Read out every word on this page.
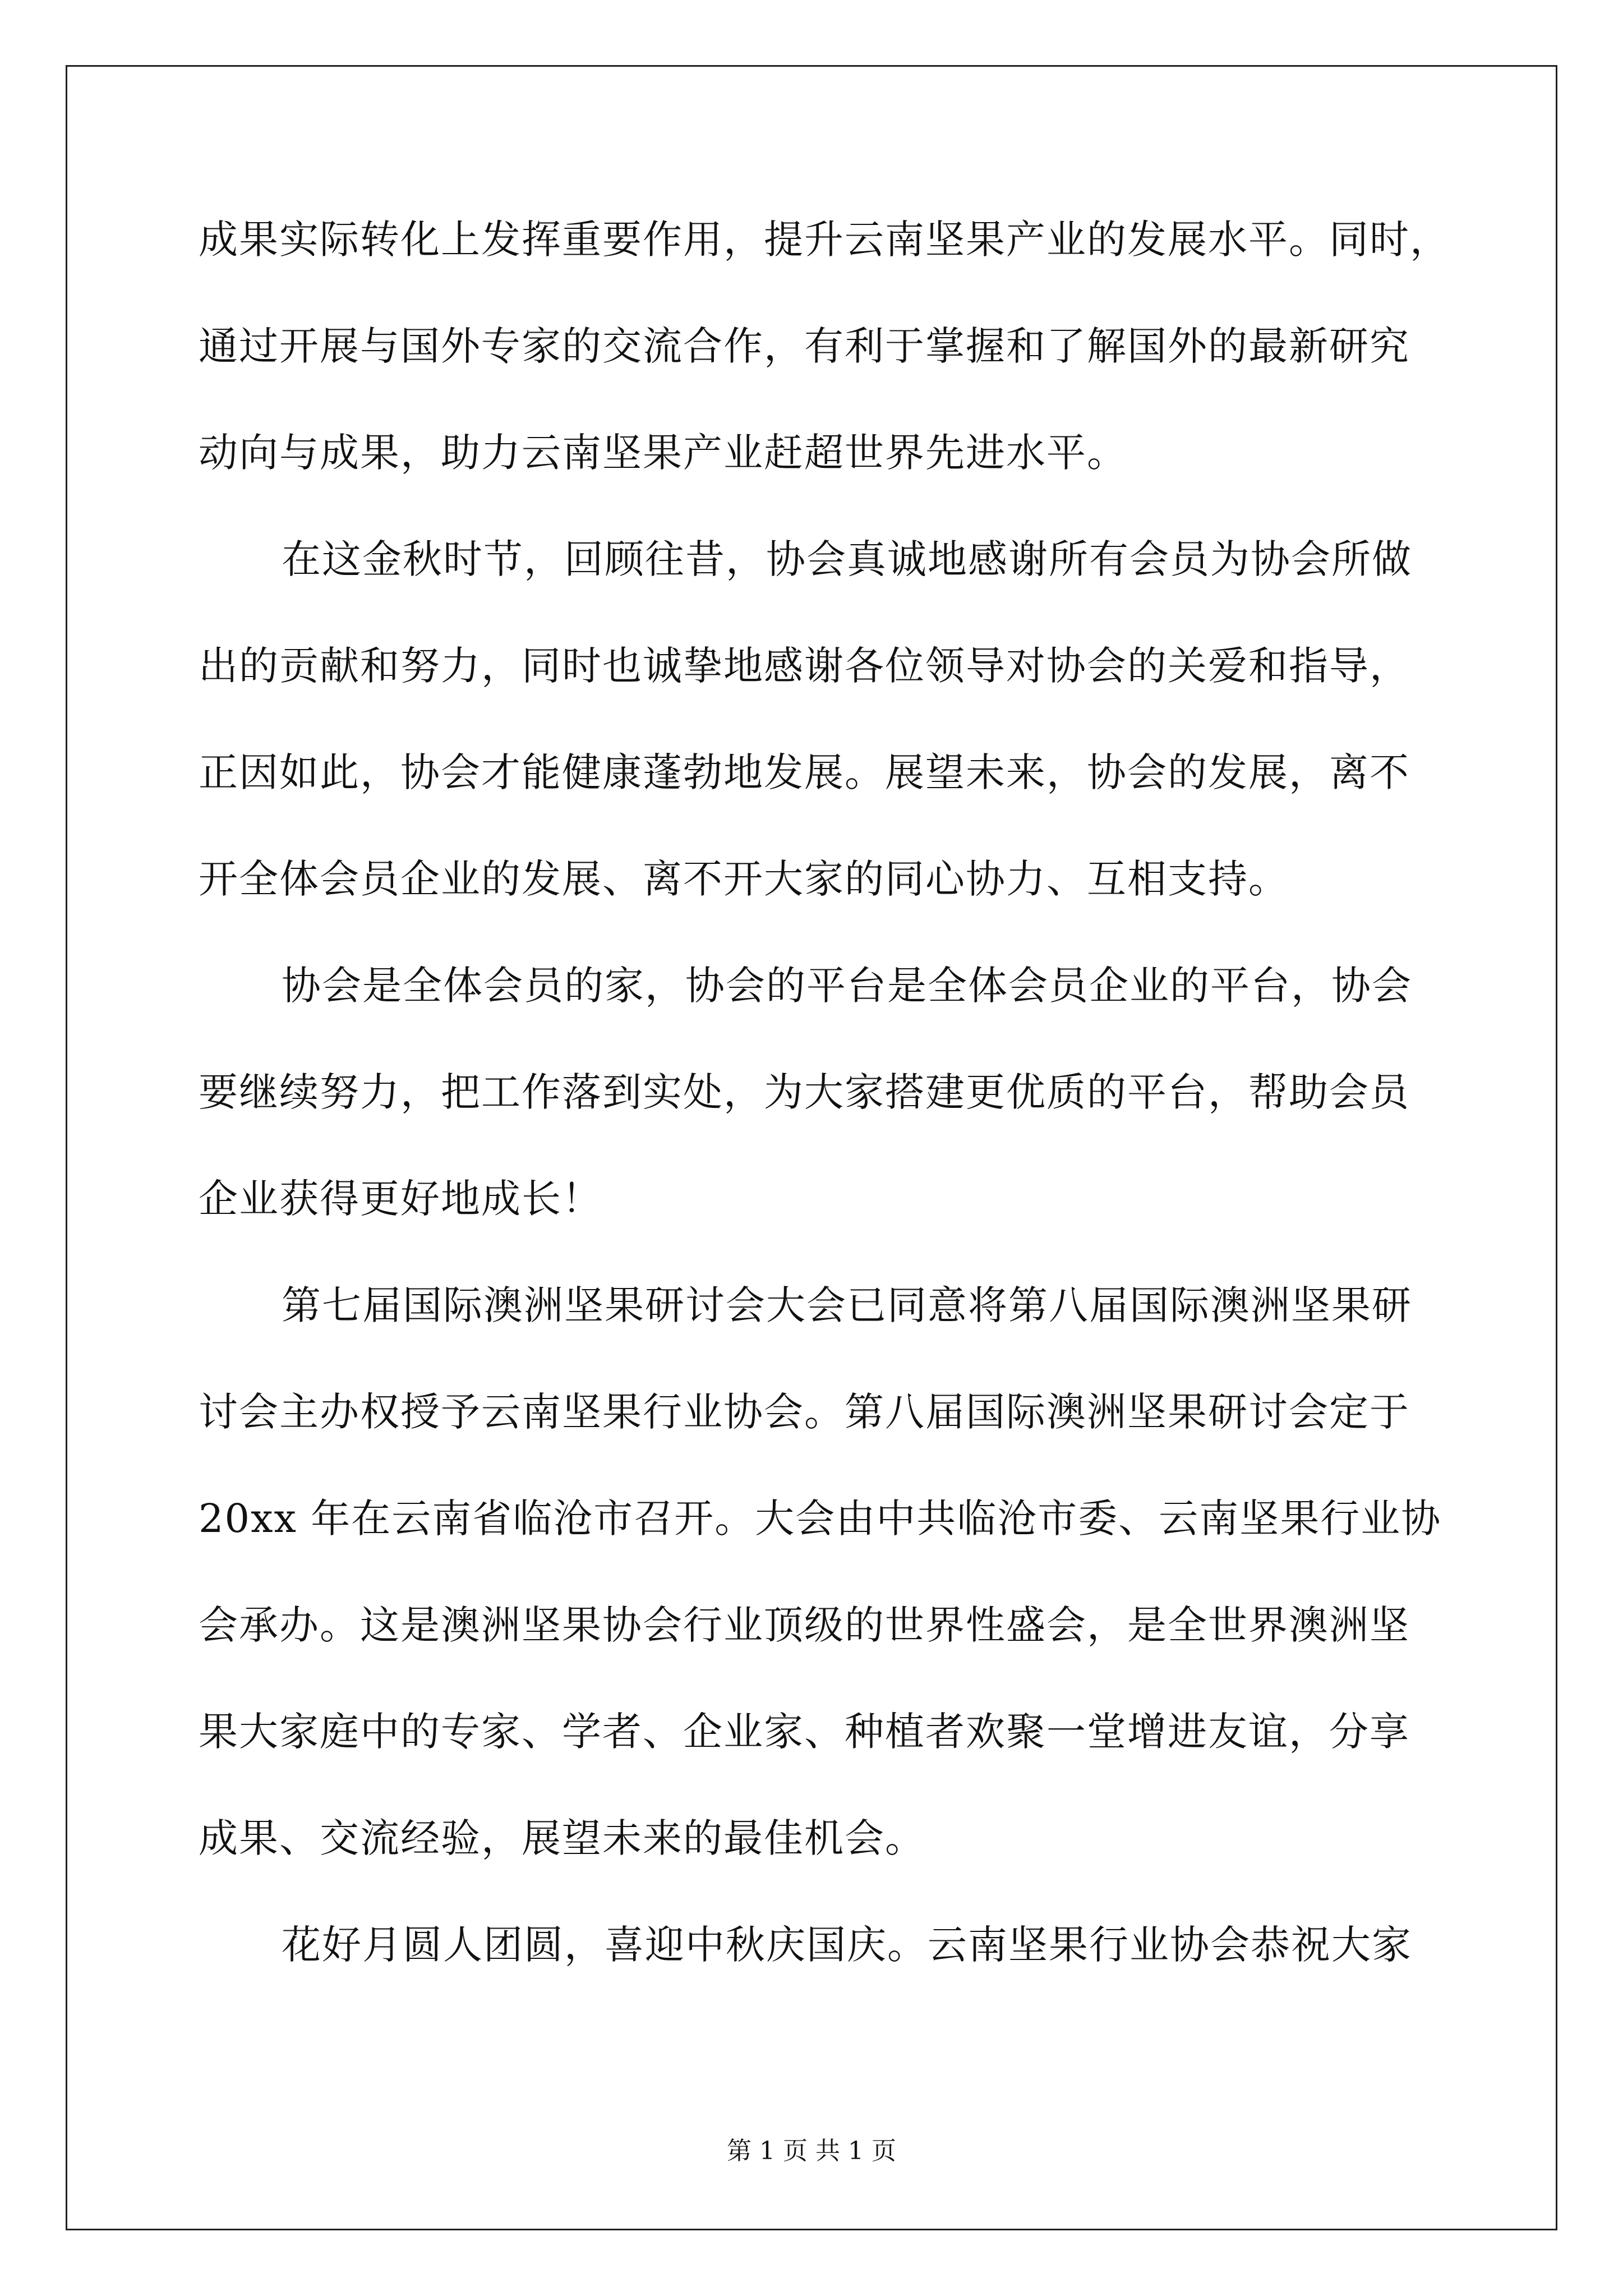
成果实际转化上发挥重要作用，提升云南坚果产业的发展水平。同时，
通过开展与国外专家的交流合作，有利于掌握和了解国外的最新研究
动向与成果，助力云南坚果产业赶超世界先进水平。
在这金秋时节，回顾往昔，协会真诚地感谢所有会员为协会所做
出的贡献和努力，同时也诚挚地感谢各位领导对协会的关爱和指导，
正因如此，协会才能健康蓬勃地发展。展望未来，协会的发展，离不
开全体会员企业的发展、离不开大家的同心协力、互相支持。
协会是全体会员的家，协会的平台是全体会员企业的平台，协会
要继续努力，把工作落到实处，为大家搭建更优质的平台，帮助会员
企业获得更好地成长！
第七届国际澳洲坚果研讨会大会已同意将第八届国际澳洲坚果研
讨会主办权授予云南坚果行业协会。第八届国际澳洲坚果研讨会定于
20xx 年在云南省临沧市召开。大会由中共临沧市委、云南坚果行业协
会承办。这是澳洲坚果协会行业顶级的世界性盛会，是全世界澳洲坚
果大家庭中的专家、学者、企业家、种植者欢聚一堂增进友谊，分享
成果、交流经验，展望未来的最佳机会。
花好月圆人团圆，喜迎中秋庆国庆。云南坚果行业协会恭祝大家
第 1 页 共 1 页
